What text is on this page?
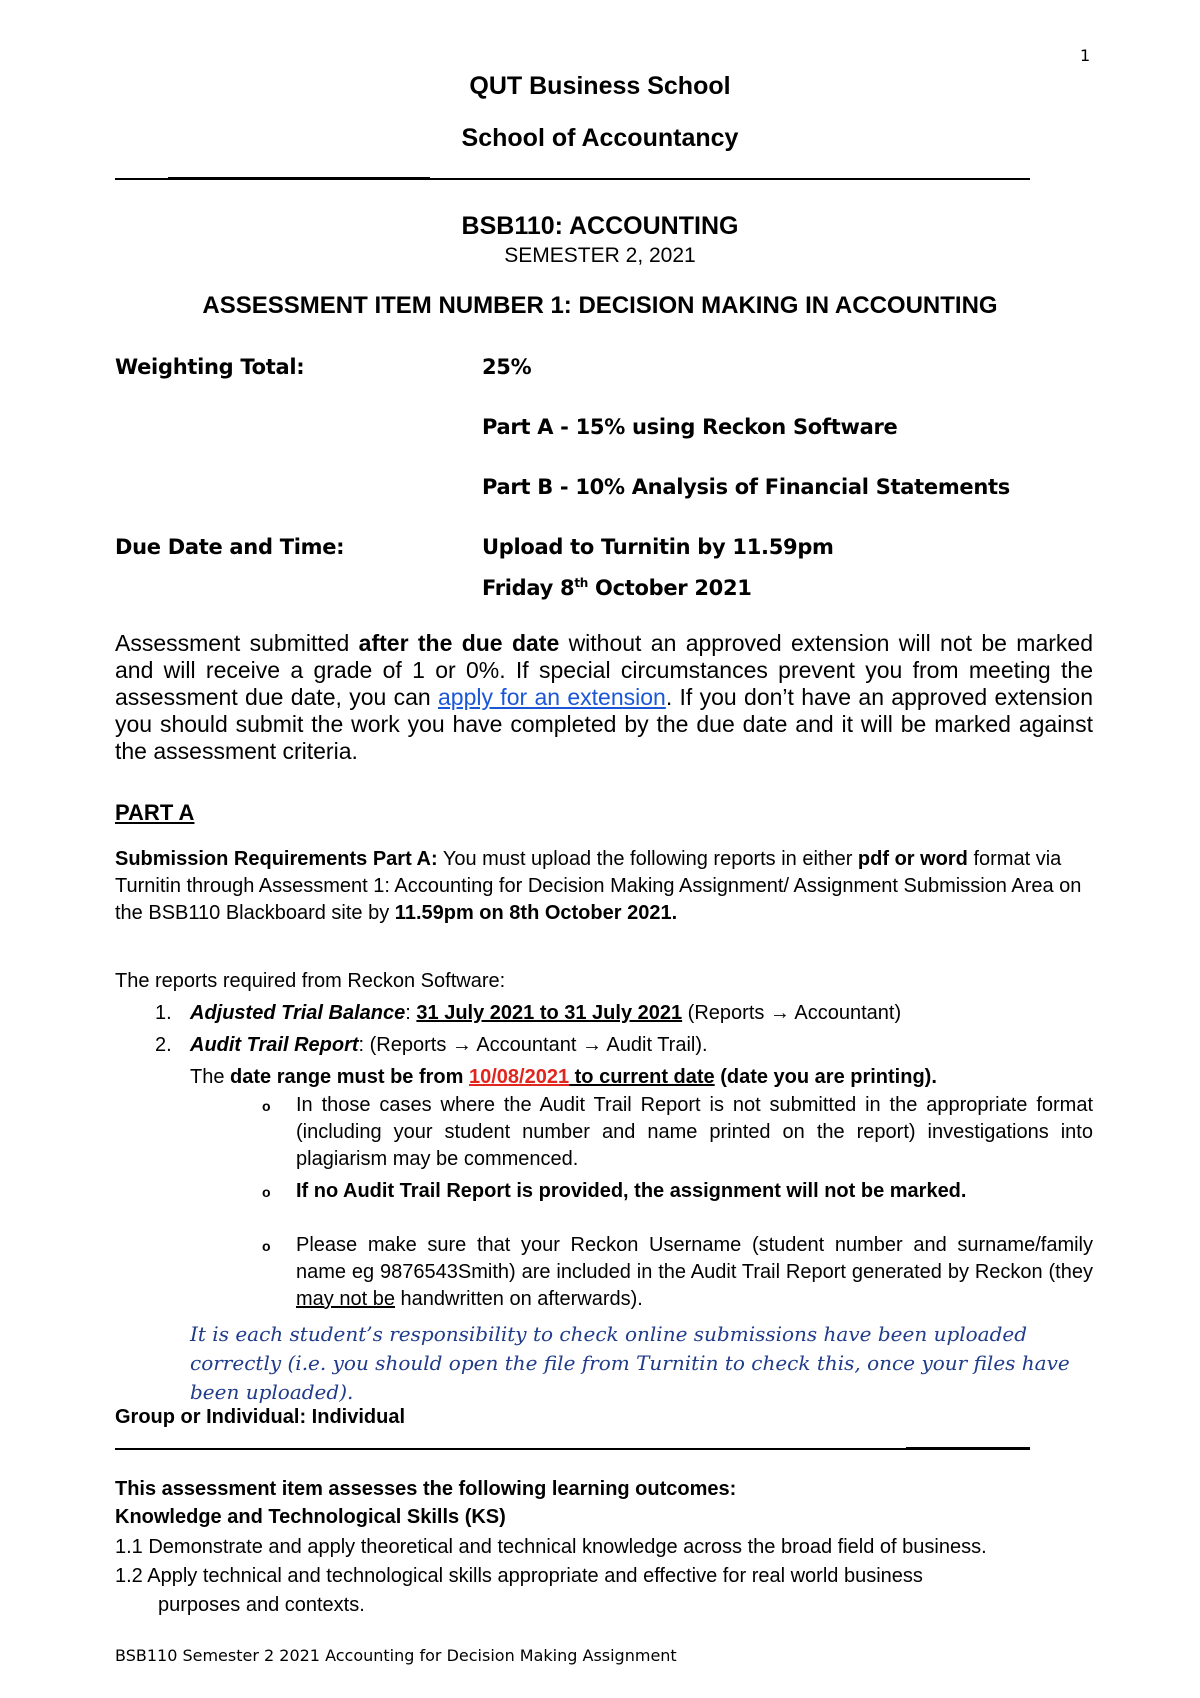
1
QUT Business School
School of Accountancy
BSB110: ACCOUNTING
SEMESTER 2, 2021
ASSESSMENT ITEM NUMBER 1: DECISION MAKING IN ACCOUNTING
Weighting Total:	25%
Part A - 15% using Reckon Software
Part B - 10% Analysis of Financial Statements
Due Date and Time:	Upload to Turnitin by 11.59pm
Friday 8th October 2021
Assessment submitted after the due date without an approved extension will not be marked and will receive a grade of 1 or 0%. If special circumstances prevent you from meeting the assessment due date, you can apply for an extension. If you don’t have an approved extension you should submit the work you have completed by the due date and it will be marked against the assessment criteria.
PART A
Submission Requirements Part A: You must upload the following reports in either pdf or word format via Turnitin through Assessment 1: Accounting for Decision Making Assignment/ Assignment Submission Area on the BSB110 Blackboard site by 11.59pm on 8th October 2021.
The reports required from Reckon Software:
1. Adjusted Trial Balance: 31 July 2021 to 31 July 2021 (Reports → Accountant)
2. Audit Trail Report: (Reports → Accountant → Audit Trail).
The date range must be from 10/08/2021 to current date (date you are printing).
o In those cases where the Audit Trail Report is not submitted in the appropriate format (including your student number and name printed on the report) investigations into plagiarism may be commenced.
o If no Audit Trail Report is provided, the assignment will not be marked.
o Please make sure that your Reckon Username (student number and surname/family name eg 9876543Smith) are included in the Audit Trail Report generated by Reckon (they may not be handwritten on afterwards).
It is each student’s responsibility to check online submissions have been uploaded correctly (i.e. you should open the file from Turnitin to check this, once your files have been uploaded).
Group or Individual: Individual
This assessment item assesses the following learning outcomes:
Knowledge and Technological Skills (KS)
1.1 Demonstrate and apply theoretical and technical knowledge across the broad field of business.
1.2 Apply technical and technological skills appropriate and effective for real world business
purposes and contexts.
BSB110 Semester 2 2021 Accounting for Decision Making Assignment
